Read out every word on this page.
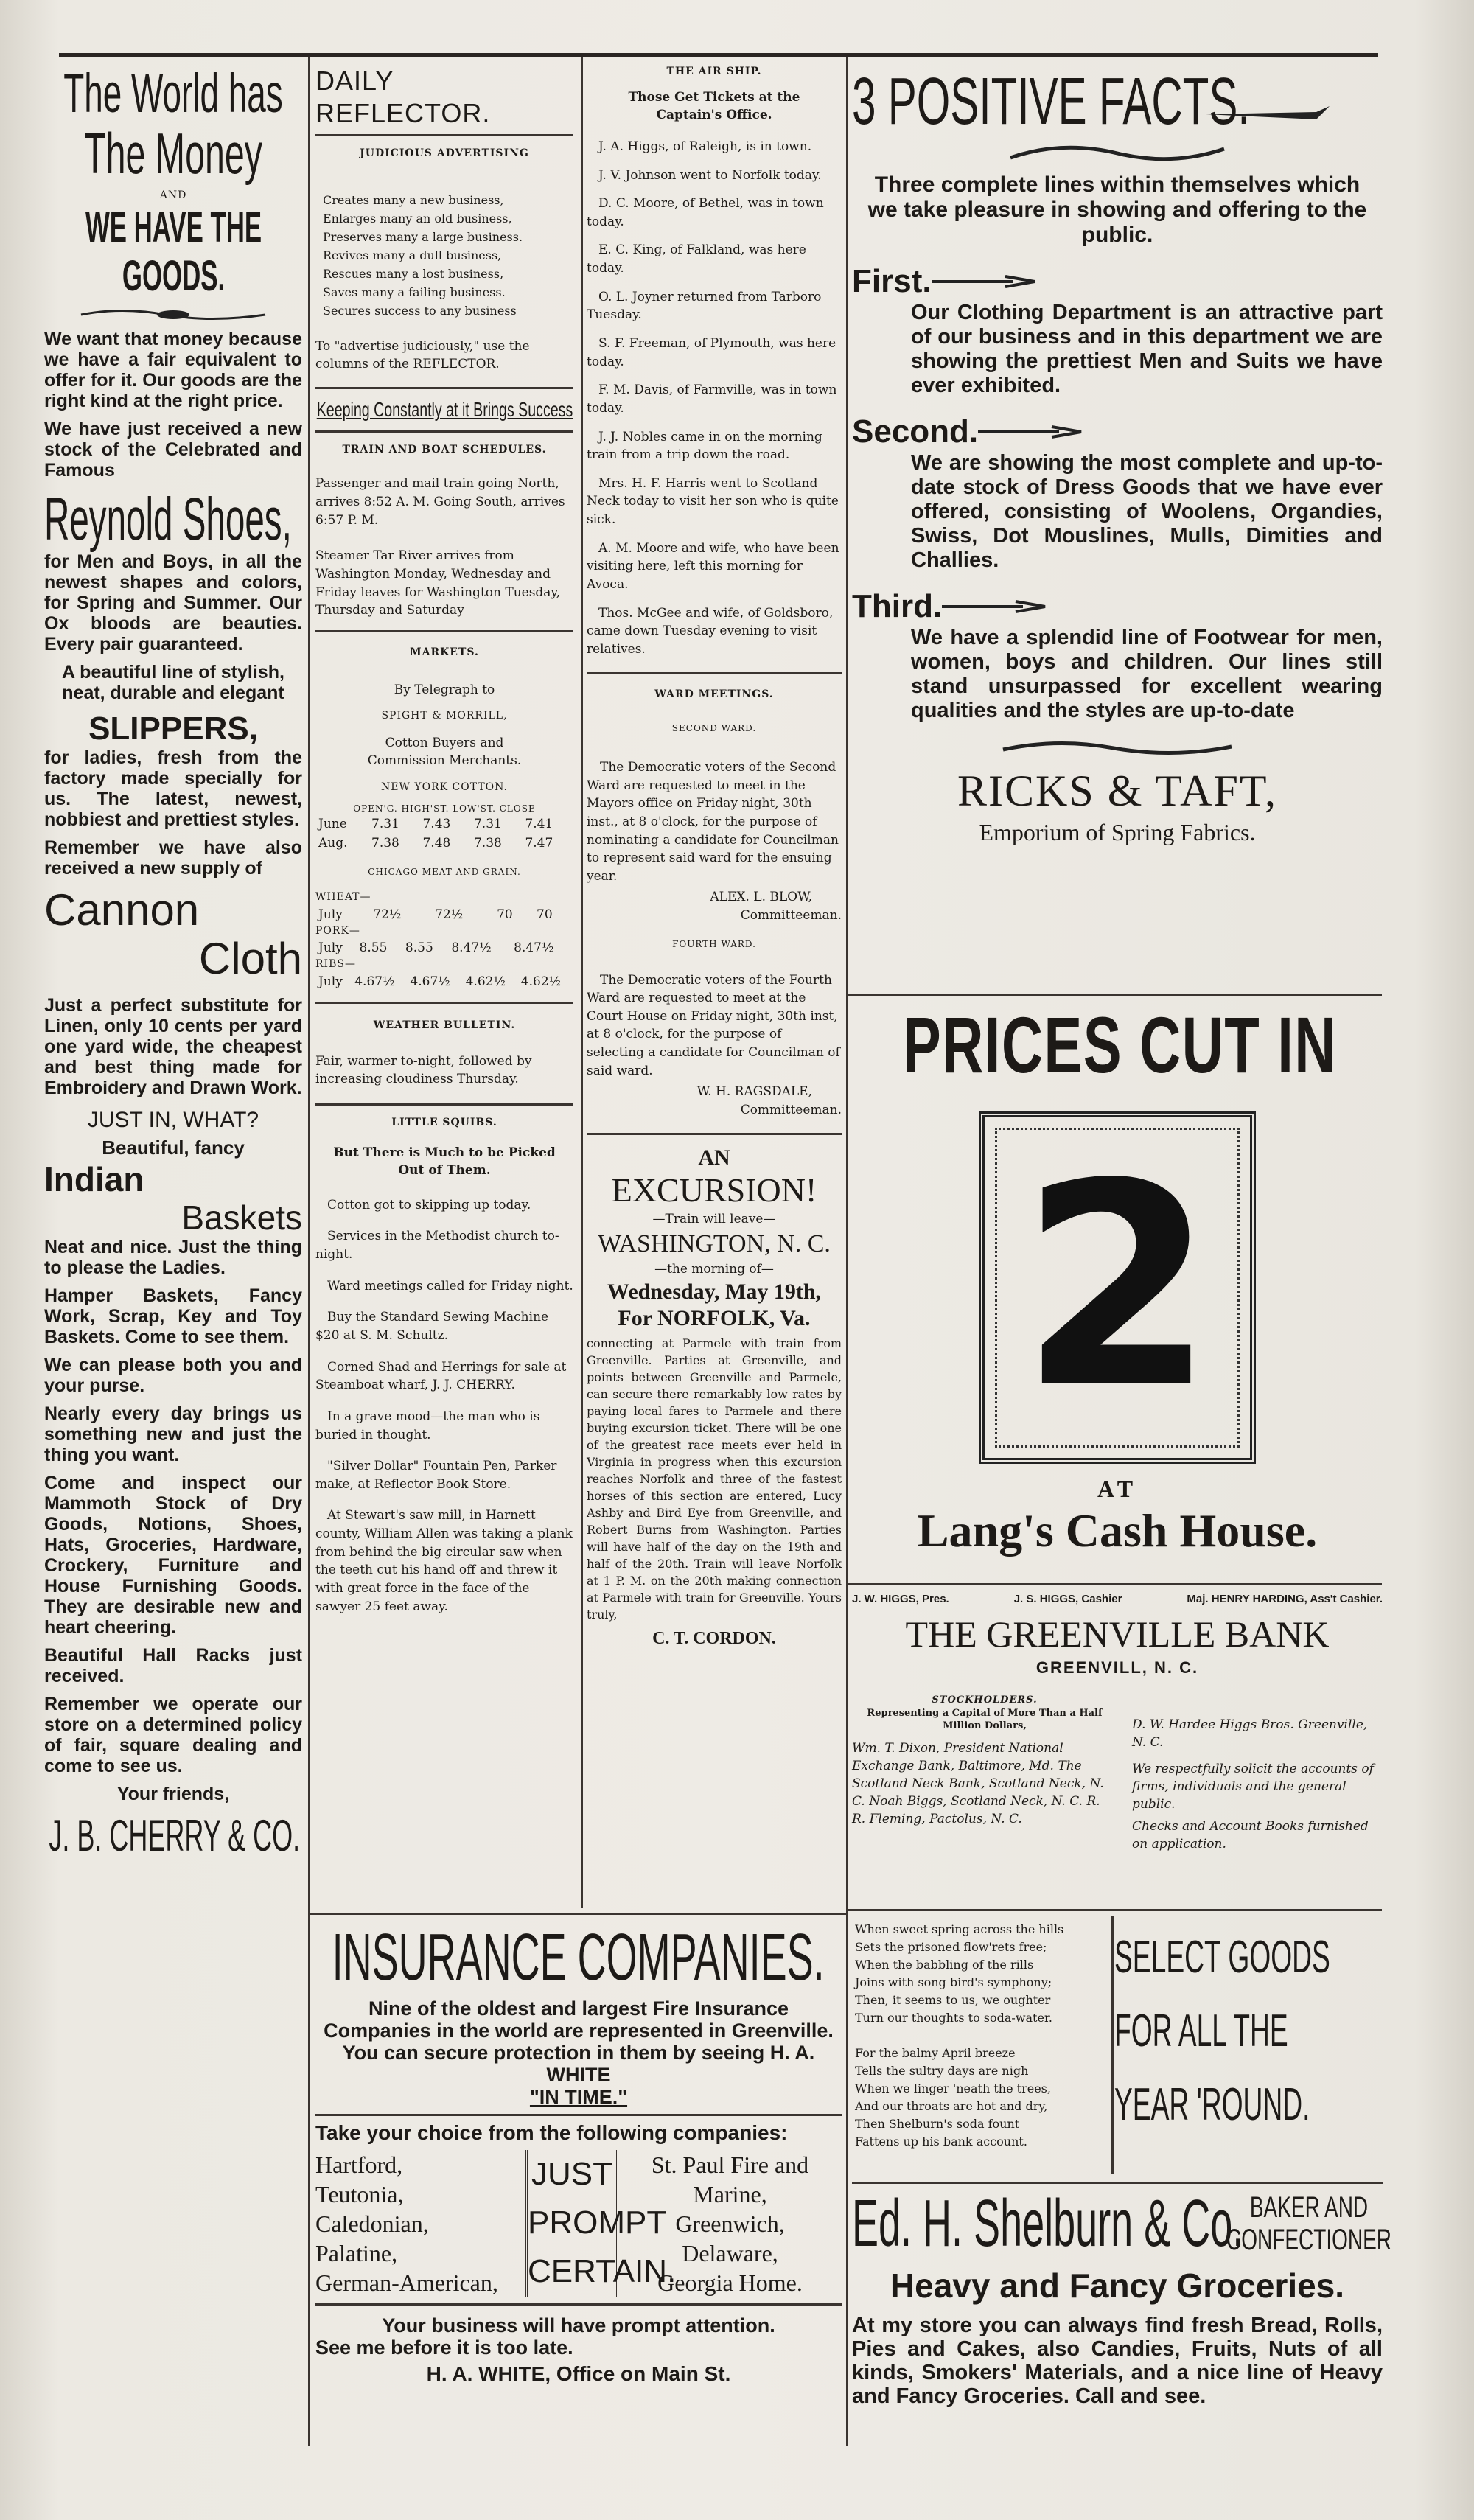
The World has
The Money
AND
WE HAVE THE GOODS.

We want that money because we have a fair equivalent to offer for it. Our goods are the right kind at the right price.

We have just received a new stock of the Celebrated and Famous

Reynold Shoes,

for Men and Boys, in all the newest shapes and colors, for Spring and Summer. Our Ox bloods are beauties. Every pair guaranteed.

A beautiful line of stylish, neat, durable and elegant

SLIPPERS,

for ladies, fresh from the factory made specially for us. The latest, newest, nobbiest and prettiest styles.

Remember we have also received a new supply of

Cannon
Cloth

Just a perfect substitute for Linen, only 10 cents per yard one yard wide, the cheapest and best thing made for Embroidery and Drawn Work.

JUST IN, WHAT?
Beautiful, fancy
Indian
Baskets

Neat and nice. Just the thing to please the Ladies.

Hamper Baskets, Fancy Work, Scrap, Key and Toy Baskets. Come to see them.

We can please both you and your purse.

Nearly every day brings us something new and just the thing you want.

Come and inspect our Mammoth Stock of Dry Goods, Notions, Shoes, Hats, Groceries, Hardware, Crockery, Furniture and House Furnishing Goods. They are desirable new and heart cheering.

Beautiful Hall Racks just received.

Remember we operate our store on a determined policy of fair, square dealing and come to see us.

Your friends,

J. B. CHERRY & CO.
DAILY REFLECTOR.
JUDICIOUS ADVERTISING
Creates many a new business,
Enlarges many an old business,
Preserves many a large business.
Revives many a dull business,
Rescues many a lost business,
Saves many a failing business.
Secures success to any business

To "advertise judiciously," use the columns of the REFLECTOR.

Keeping Constantly at it Brings Success
TRAIN AND BOAT SCHEDULES.

Passenger and mail train going North, arrives 8:52 A. M. Going South, arrives 6:57 P. M.

Steamer Tar River arrives from Washington Monday, Wednesday and Friday leaves for Washington Tuesday, Thursday and Saturday

MARKETS.
By Telegraph to
SPIGHT & MORRILL,
Cotton Buyers and Commission Merchants.
NEW YORK COTTON.
OPEN'G. HIGH'ST. LOW'ST. CLOSE
June	7.31	7.43	7.31	7.41
Aug.	7.38	7.48	7.38	7.47
CHICAGO MEAT AND GRAIN.
WHEAT—
July	72½	72½	70	70
PORK—
July	8.55	8.55	8.47½	8.47½
RIBS—
July	4.67½	4.67½	4.62½	4.62½
WEATHER BULLETIN.

Fair, warmer to-night, followed by increasing cloudiness Thursday.

LITTLE SQUIBS.
But There is Much to be Picked Out of Them.

Cotton got to skipping up today.

Services in the Methodist church to-night.

Ward meetings called for Friday night.

Buy the Standard Sewing Machine $20 at S. M. Schultz.

Corned Shad and Herrings for sale at Steamboat wharf, J. J. CHERRY.

In a grave mood—the man who is buried in thought.

"Silver Dollar" Fountain Pen, Parker make, at Reflector Book Store.

At Stewart's saw mill, in Harnett county, William Allen was taking a plank from behind the big circular saw when the teeth cut his hand off and threw it with great force in the face of the sawyer 25 feet away.

THE AIR SHIP.
Those Get Tickets at the Captain's Office.

J. A. Higgs, of Raleigh, is in town.

J. V. Johnson went to Norfolk today.

D. C. Moore, of Bethel, was in town today.

E. C. King, of Falkland, was here today.

O. L. Joyner returned from Tarboro Tuesday.

S. F. Freeman, of Plymouth, was here today.

F. M. Davis, of Farmville, was in town today.

J. J. Nobles came in on the morning train from a trip down the road.

Mrs. H. F. Harris went to Scotland Neck today to visit her son who is quite sick.

A. M. Moore and wife, who have been visiting here, left this morning for Avoca.

Thos. McGee and wife, of Goldsboro, came down Tuesday evening to visit relatives.

WARD MEETINGS.
SECOND WARD.

The Democratic voters of the Second Ward are requested to meet in the Mayors office on Friday night, 30th inst., at 8 o'clock, for the purpose of nominating a candidate for Councilman to represent said ward for the ensuing year.

ALEX. L. BLOW,
Committeeman.
FOURTH WARD.

The Democratic voters of the Fourth Ward are requested to meet at the Court House on Friday night, 30th inst, at 8 o'clock, for the purpose of selecting a candidate for Councilman of said ward.

W. H. RAGSDALE,
Committeeman.
AN
EXCURSION!
—Train will leave—
WASHINGTON, N. C.
—the morning of—
Wednesday, May 19th,
For NORFOLK, Va.

connecting at Parmele with train from Greenville. Parties at Greenville, and points between Greenville and Parmele, can secure there remarkably low rates by paying local fares to Parmele and there buying excursion ticket. There will be one of the greatest race meets ever held in Virginia in progress when this excursion reaches Norfolk and three of the fastest horses of this section are entered, Lucy Ashby and Bird Eye from Greenville, and Robert Burns from Washington. Parties will have half of the day on the 19th and half of the 20th. Train will leave Norfolk at 1 P. M. on the 20th making connection at Parmele with train for Greenville. Yours truly,

C. T. CORDON.
INSURANCE COMPANIES.
Nine of the oldest and largest Fire Insurance Companies in the world are represented in Greenville. You can secure protection in them by seeing H. A. WHITE
"IN TIME."
Take your choice from the following companies:
Hartford,
Teutonia,
Caledonian,
Palatine,
German-American,
JUST
PROMPT
CERTAIN.
St. Paul Fire and
Marine,
Greenwich,
Delaware,
Georgia Home.
Your business will have prompt attention.
See me before it is too late.
H. A. WHITE, Office on Main St.
3 POSITIVE FACTS.
Three complete lines within themselves which we take pleasure in showing and offering to the public.
First.
Our Clothing Department is an attractive part of our business and in this department we are showing the prettiest Men and Suits we have ever exhibited.
Second.
We are showing the most complete and up-to-date stock of Dress Goods that we have ever offered, consisting of Woolens, Organdies, Swiss, Dot Mouslines, Mulls, Dimities and Challies.
Third.
We have a splendid line of Footwear for men, women, boys and children. Our lines still stand unsurpassed for excellent wearing qualities and the styles are up-to-date
RICKS & TAFT,
Emporium of Spring Fabrics.
PRICES CUT IN
2
AT
Lang's Cash House.
J. W. HIGGS, Pres.	J. S. HIGGS, Cashier	Maj. HENRY HARDING, Ass't Cashier.
THE GREENVILLE BANK
GREENVILL, N. C.
STOCKHOLDERS.
Representing a Capital of More Than a Half Million Dollars,
Wm. T. Dixon, President National Exchange Bank, Baltimore, Md. The Scotland Neck Bank, Scotland Neck, N. C. Noah Biggs, Scotland Neck, N. C. R. R. Fleming, Pactolus, N. C.
D. W. Hardee Higgs Bros. Greenville, N. C.
We respectfully solicit the accounts of firms, individuals and the general public.
Checks and Account Books furnished on application.
When sweet spring across the hills
Sets the prisoned flow'rets free;
When the babbling of the rills
Joins with song bird's symphony;
Then, it seems to us, we oughter
Turn our thoughts to soda-water.

For the balmy April breeze
Tells the sultry days are nigh
When we linger 'neath the trees,
And our throats are hot and dry,
Then Shelburn's soda fount
Fattens up his bank account.
SELECT GOODS
FOR ALL THE
YEAR 'ROUND.
Ed. H. Shelburn & Co. BAKER AND
CONFECTIONER
Heavy and Fancy Groceries.
At my store you can always find fresh Bread, Rolls, Pies and Cakes, also Candies, Fruits, Nuts of all kinds, Smokers' Materials, and a nice line of Heavy and Fancy Groceries. Call and see.
